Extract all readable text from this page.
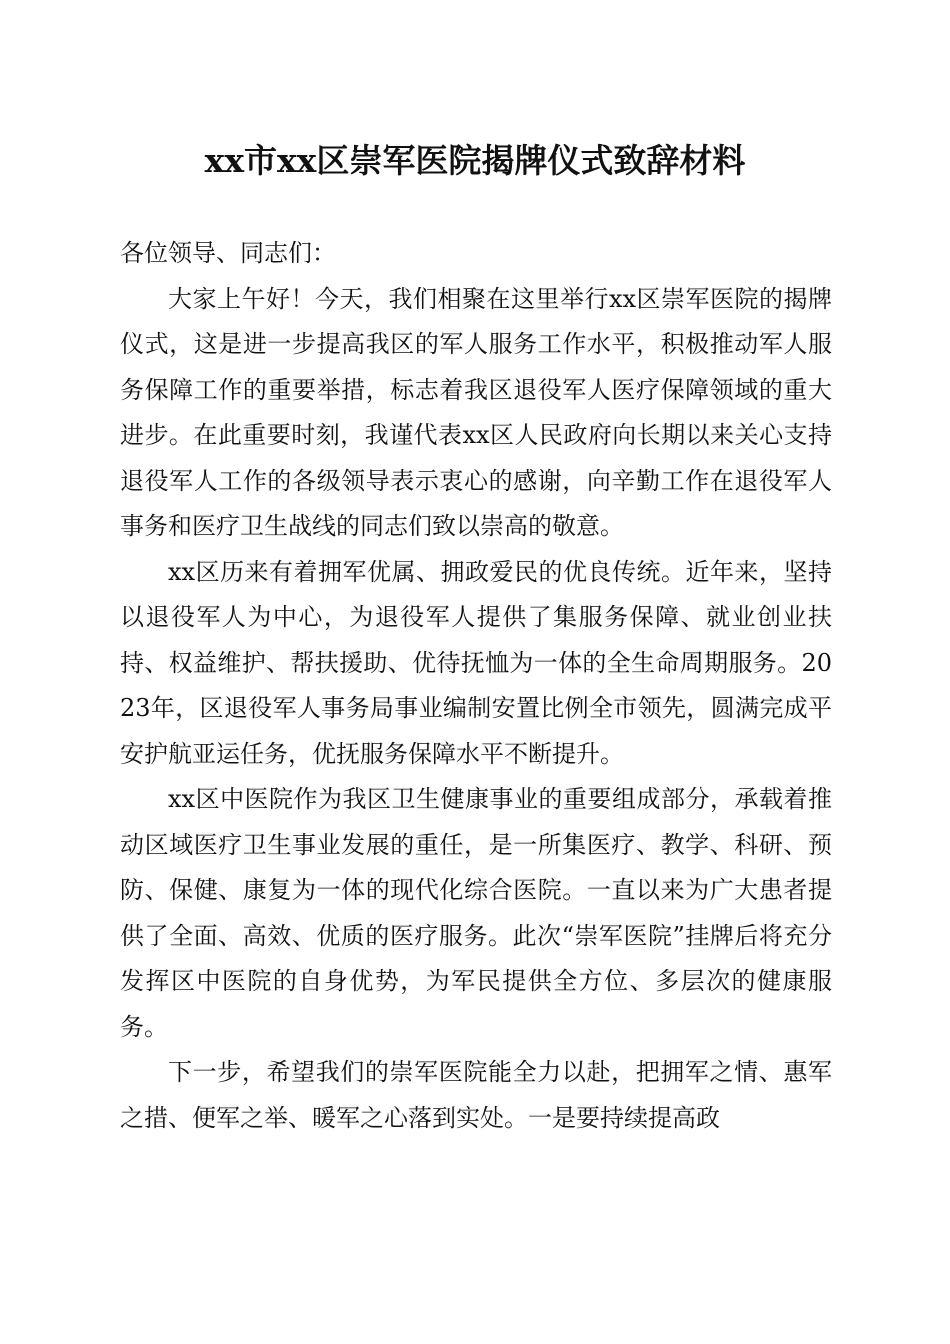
xx市xx区崇军医院揭牌仪式致辞材料

各位领导、同志们：

大家上午好！今天，我们相聚在这里举行xx区崇军医院的揭牌仪式，这是进一步提高我区的军人服务工作水平，积极推动军人服务保障工作的重要举措，标志着我区退役军人医疗保障领域的重大进步。在此重要时刻，我谨代表xx区人民政府向长期以来关心支持退役军人工作的各级领导表示衷心的感谢，向辛勤工作在退役军人事务和医疗卫生战线的同志们致以崇高的敬意。

xx区历来有着拥军优属、拥政爱民的优良传统。近年来，坚持以退役军人为中心，为退役军人提供了集服务保障、就业创业扶持、权益维护、帮扶援助、优待抚恤为一体的全生命周期服务。2023年，区退役军人事务局事业编制安置比例全市领先，圆满完成平安护航亚运任务，优抚服务保障水平不断提升。

xx区中医院作为我区卫生健康事业的重要组成部分，承载着推动区域医疗卫生事业发展的重任，是一所集医疗、教学、科研、预防、保健、康复为一体的现代化综合医院。一直以来为广大患者提供了全面、高效、优质的医疗服务。此次“崇军医院”挂牌后将充分发挥区中医院的自身优势，为军民提供全方位、多层次的健康服务。

下一步，希望我们的崇军医院能全力以赴，把拥军之情、惠军之措、便军之举、暖军之心落到实处。一是要持续提高政
